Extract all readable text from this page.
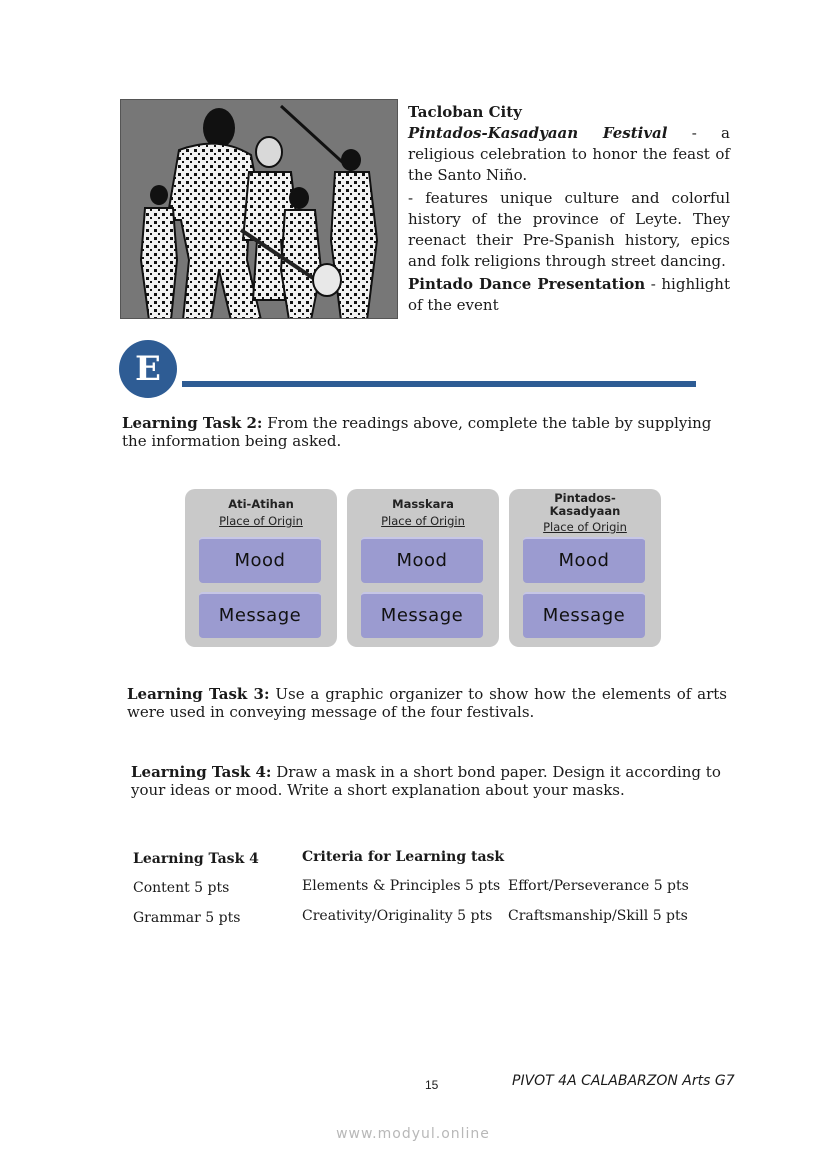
Tacloban City

Pintados-Kasadyaan Festival - a religious celebration to honor the feast of the Santo Niño.

- features unique culture and colorful history of the province of Leyte. They reenact their Pre-Spanish history, epics and folk religions through street dancing.

Pintado Dance Presentation - highlight of the event

E
Learning Task 2: From the readings above, complete the table by supplying the information being asked.
Ati-Atihan
Place of Origin
Mood
Message
Masskara
Place of Origin
Mood
Message
Pintados-
Kasadyaan
Place of Origin
Mood
Message
Learning Task 3: Use a graphic organizer to show how the elements of arts were used in conveying message of the four festivals.
Learning Task 4: Draw a mask in a short bond paper. Design it according to your ideas or mood. Write a short explanation about your masks.
Learning Task 4	Criteria for Learning task
Content 5 pts	Elements & Principles 5 pts Effort/Perseverance 5 pts
Grammar 5 pts	Creativity/Originality 5 pts Craftsmanship/Skill 5 pts
15	PIVOT 4A CALABARZON Arts G7
www.modyul.online
